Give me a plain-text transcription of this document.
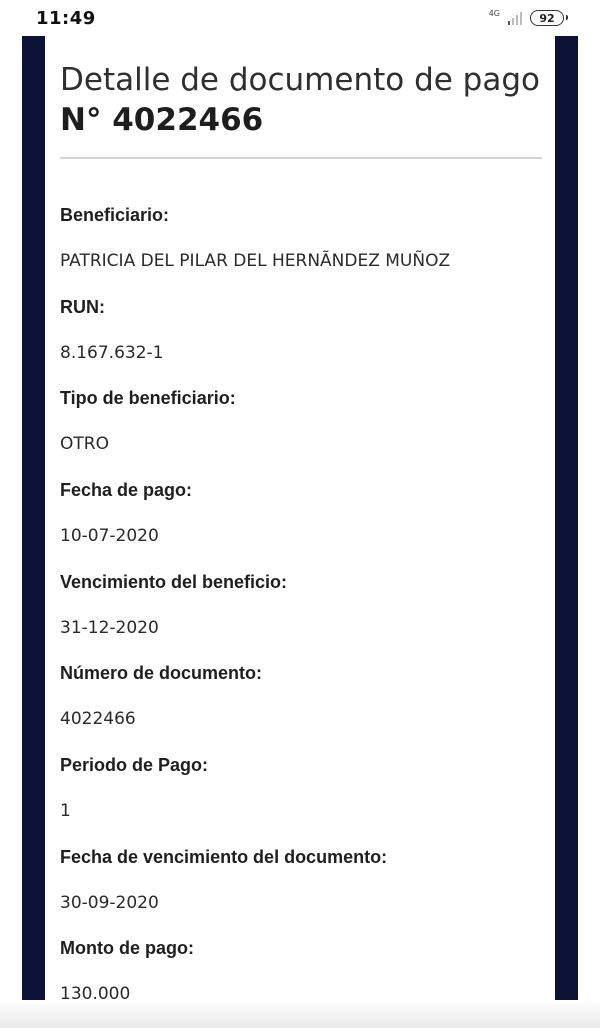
11:49	4G	92
Detalle de documento de pago
N° 4022466
Beneficiario:
PATRICIA DEL PILAR DEL HERNÃNDEZ MUÑOZ
RUN:
8.167.632-1
Tipo de beneficiario:
OTRO
Fecha de pago:
10-07-2020
Vencimiento del beneficio:
31-12-2020
Número de documento:
4022466
Periodo de Pago:
1
Fecha de vencimiento del documento:
30-09-2020
Monto de pago:
130.000
